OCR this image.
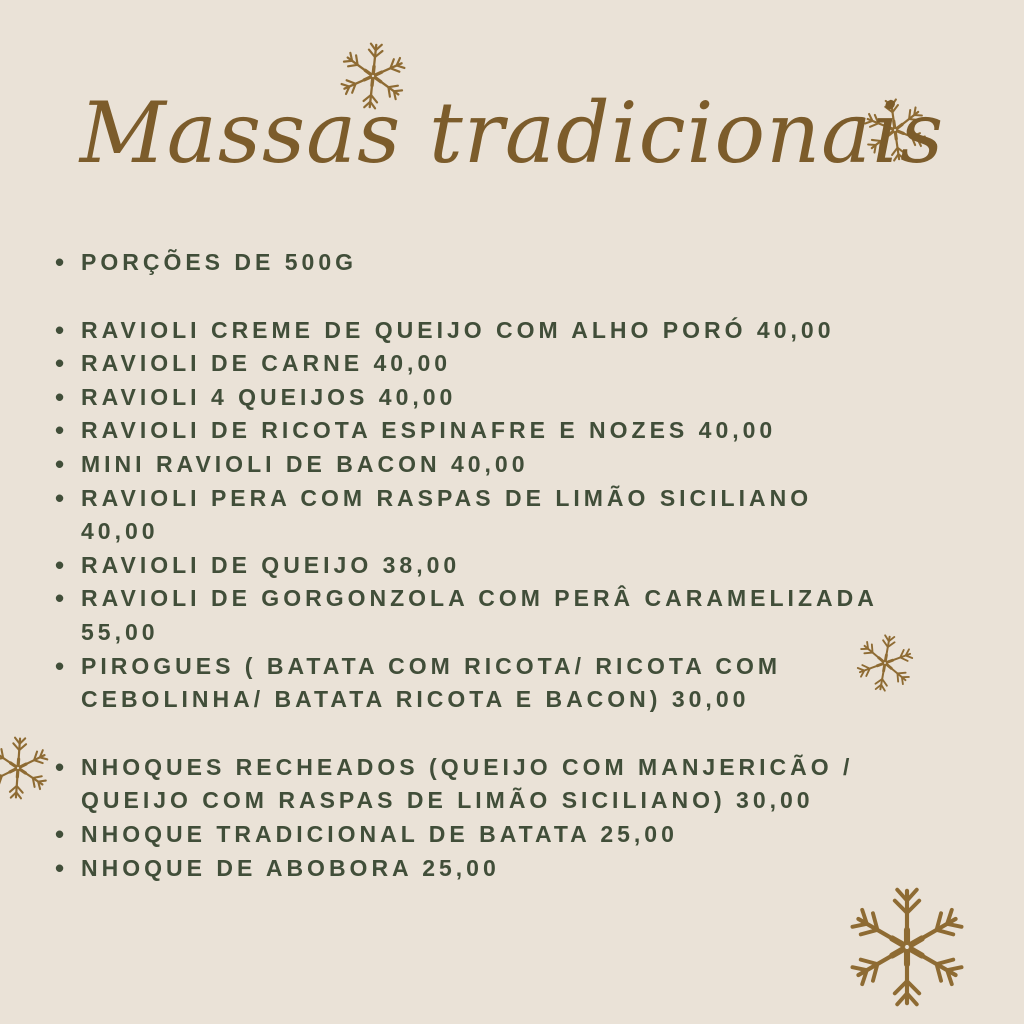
Massas tradicionais
• PORÇÕES DE 500G
• RAVIOLI CREME DE QUEIJO COM ALHO PORÓ 40,00
• RAVIOLI DE CARNE 40,00
• RAVIOLI 4 QUEIJOS 40,00
• RAVIOLI DE RICOTA ESPINAFRE E NOZES 40,00
• MINI RAVIOLI DE BACON 40,00
• RAVIOLI PERA COM RASPAS DE LIMÃO SICILIANO
40,00
• RAVIOLI DE QUEIJO 38,00
• RAVIOLI DE GORGONZOLA COM PERÂ CARAMELIZADA
55,00
• PIROGUES ( BATATA COM RICOTA/ RICOTA COM
CEBOLINHA/ BATATA RICOTA E BACON) 30,00
• NHOQUES RECHEADOS (QUEIJO COM MANJERICÃO /
QUEIJO COM RASPAS DE LIMÃO SICILIANO) 30,00
• NHOQUE TRADICIONAL DE BATATA 25,00
• NHOQUE DE ABOBORA 25,00
